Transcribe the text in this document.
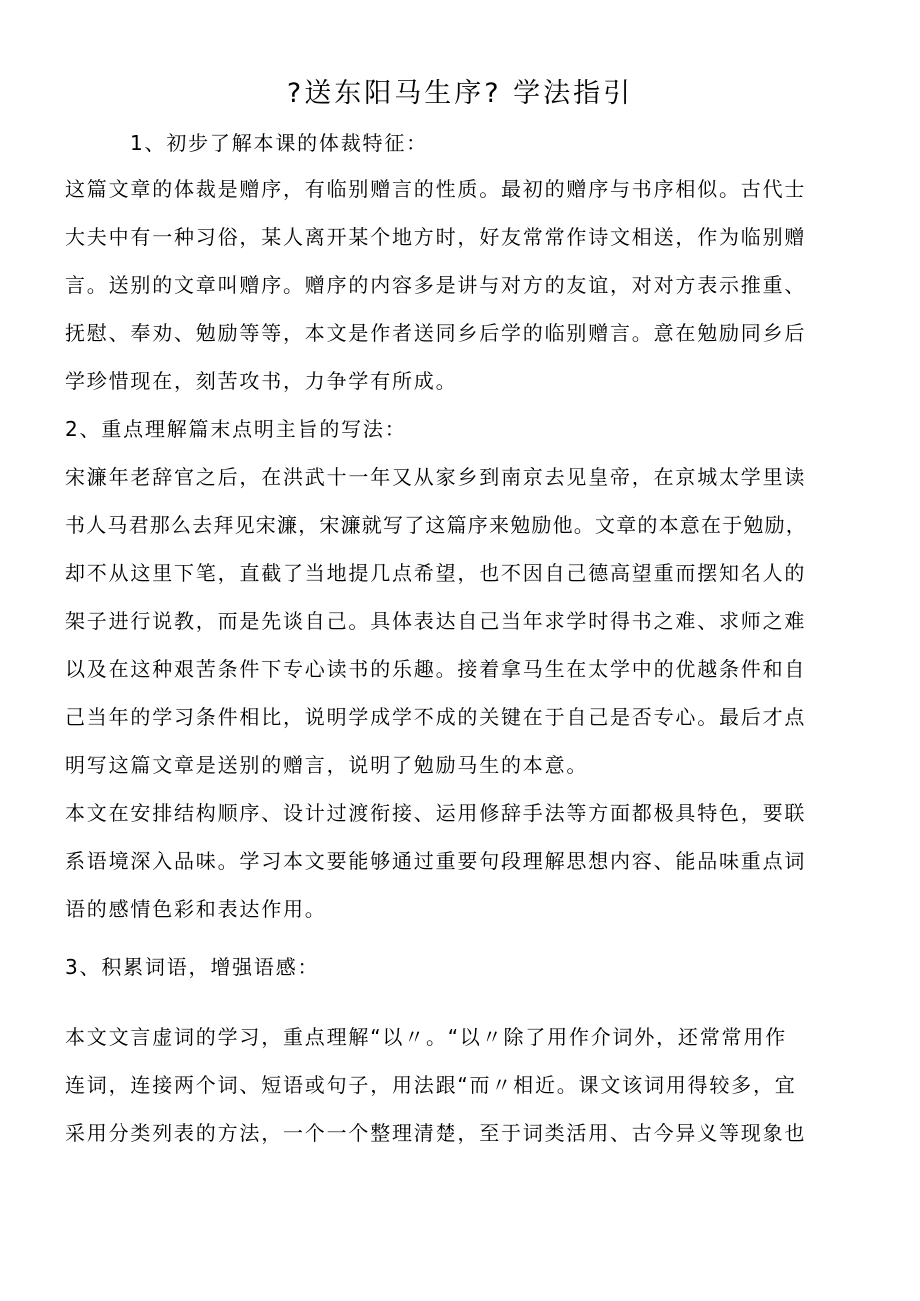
?送东阳马生序? 学法指引
1、初步了解本课的体裁特征：
这篇文章的体裁是赠序，有临别赠言的性质。最初的赠序与书序相似。古代士
大夫中有一种习俗，某人离开某个地方时，好友常常作诗文相送，作为临别赠
言。送别的文章叫赠序。赠序的内容多是讲与对方的友谊，对对方表示推重、
抚慰、奉劝、勉励等等，本文是作者送同乡后学的临别赠言。意在勉励同乡后
学珍惜现在，刻苦攻书，力争学有所成。
2、重点理解篇末点明主旨的写法：
宋濂年老辞官之后，在洪武十一年又从家乡到南京去见皇帝，在京城太学里读
书人马君那么去拜见宋濂，宋濂就写了这篇序来勉励他。文章的本意在于勉励，
却不从这里下笔，直截了当地提几点希望，也不因自己德高望重而摆知名人的
架子进行说教，而是先谈自己。具体表达自己当年求学时得书之难、求师之难
以及在这种艰苦条件下专心读书的乐趣。接着拿马生在太学中的优越条件和自
己当年的学习条件相比，说明学成学不成的关键在于自己是否专心。最后才点
明写这篇文章是送别的赠言，说明了勉励马生的本意。
本文在安排结构顺序、设计过渡衔接、运用修辞手法等方面都极具特色，要联
系语境深入品味。学习本文要能够通过重要句段理解思想内容、能品味重点词
语的感情色彩和表达作用。
3、积累词语，增强语感：
本文文言虚词的学习，重点理解“以〃。“以〃除了用作介词外，还常常用作
连词，连接两个词、短语或句子，用法跟“而〃相近。课文该词用得较多，宜
采用分类列表的方法，一个一个整理清楚，至于词类活用、古今异义等现象也
